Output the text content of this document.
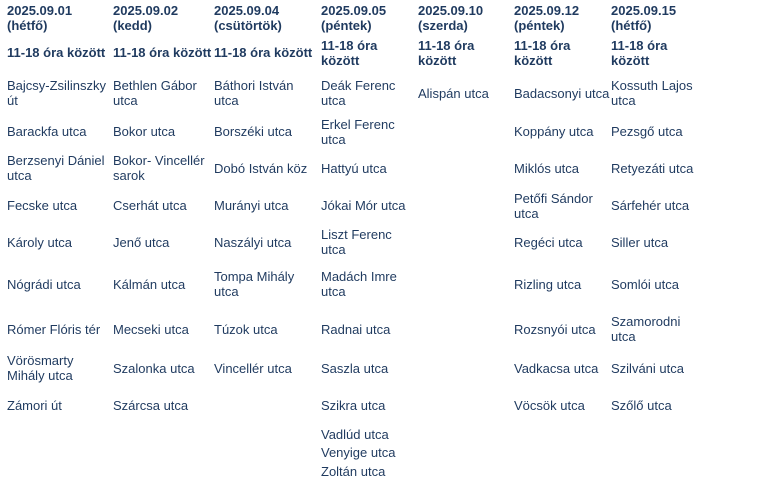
2025.09.01
(hétfő)
11-18 óra között
Bajcsy-Zsilinszky út
Barackfa utca
Berzsenyi Dániel utca
Fecske utca
Károly utca
Nógrádi utca
Rómer Flóris tér
Vörösmarty Mihály utca
Zámori út
2025.09.02
(kedd)
11-18 óra között
Bethlen Gábor utca
Bokor utca
Bokor- Vincellér sarok
Cserhát utca
Jenő utca
Kálmán utca
Mecseki utca
Szalonka utca
Szárcsa utca
2025.09.04
(csütörtök)
11-18 óra között
Báthori István utca
Borszéki utca
Dobó István köz
Murányi utca
Naszályi utca
Tompa Mihály utca
Túzok utca
Vincellér utca
2025.09.05
(péntek)
11-18 óra között
Deák Ferenc utca
Erkel Ferenc utca
Hattyú utca
Jókai Mór utca
Liszt Ferenc utca
Madách Imre utca
Radnai utca
Saszla utca
Szikra utca
Vadlúd utca
Venyige utca
Zoltán utca
2025.09.10
(szerda)
11-18 óra között
Alispán utca
2025.09.12
(péntek)
11-18 óra között
Badacsonyi utca
Koppány utca
Miklós utca
Petőfi Sándor utca
Regéci utca
Rizling utca
Rozsnyói utca
Vadkacsa utca
Vöcsök utca
2025.09.15
(hétfő)
11-18 óra között
Kossuth Lajos utca
Pezsgő utca
Retyezáti utca
Sárfehér utca
Siller utca
Somlói utca
Szamorodni utca
Szilváni utca
Szőlő utca
